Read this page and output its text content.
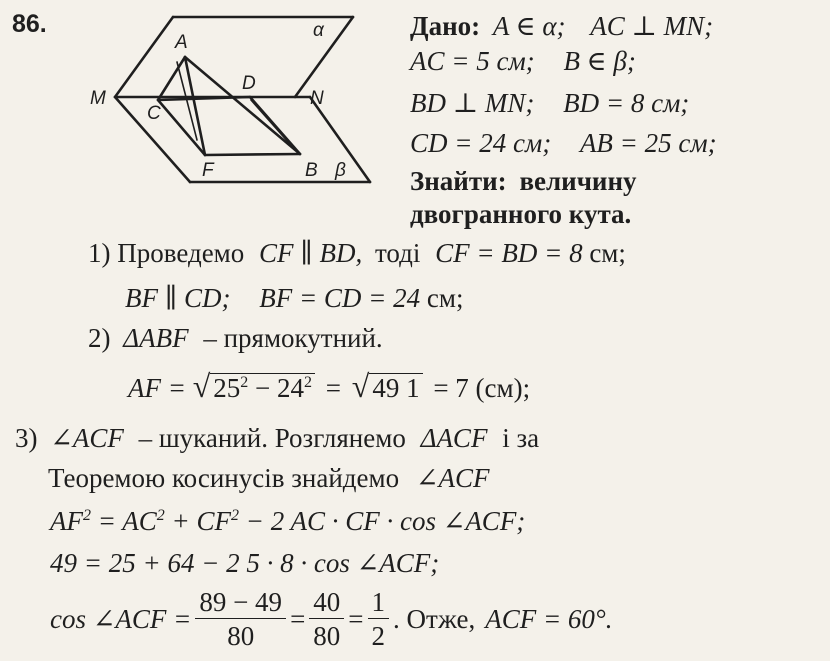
86.
A
D
M
C
N
F	B
α
β
Дано: A ∈ α; AC ⊥ MN;
AC = 5 см; B ∈ β;
BD ⊥ MN; BD = 8 см;
CD = 24 см; AB = 25 см;
Знайти: величину
двогранного кута.
1) Проведемо CF ∥ BD, тоді CF = BD = 8 см;
BF ∥ CD; BF = CD = 24 см;
2) ΔABF – прямокутний.
AF = √ $25^2 - 24^2$ = √ 49 1 = 7 (см);
3) ∠ACF – шуканий. Розглянемо ΔACF і за
Теоремою косинусів знайдемо ∠ACF
$AF^2 = AC^2 + CF^2 - 2$ AC · CF · cos ∠ACF;
49 = 25 + 64 − 2 5 · 8 · cos ∠ACF;
cos ∠ACF = $\frac{89 - 49}{80} = \frac{40}{80} = \frac{1}{2}$ . Отже, ACF = 60°.
